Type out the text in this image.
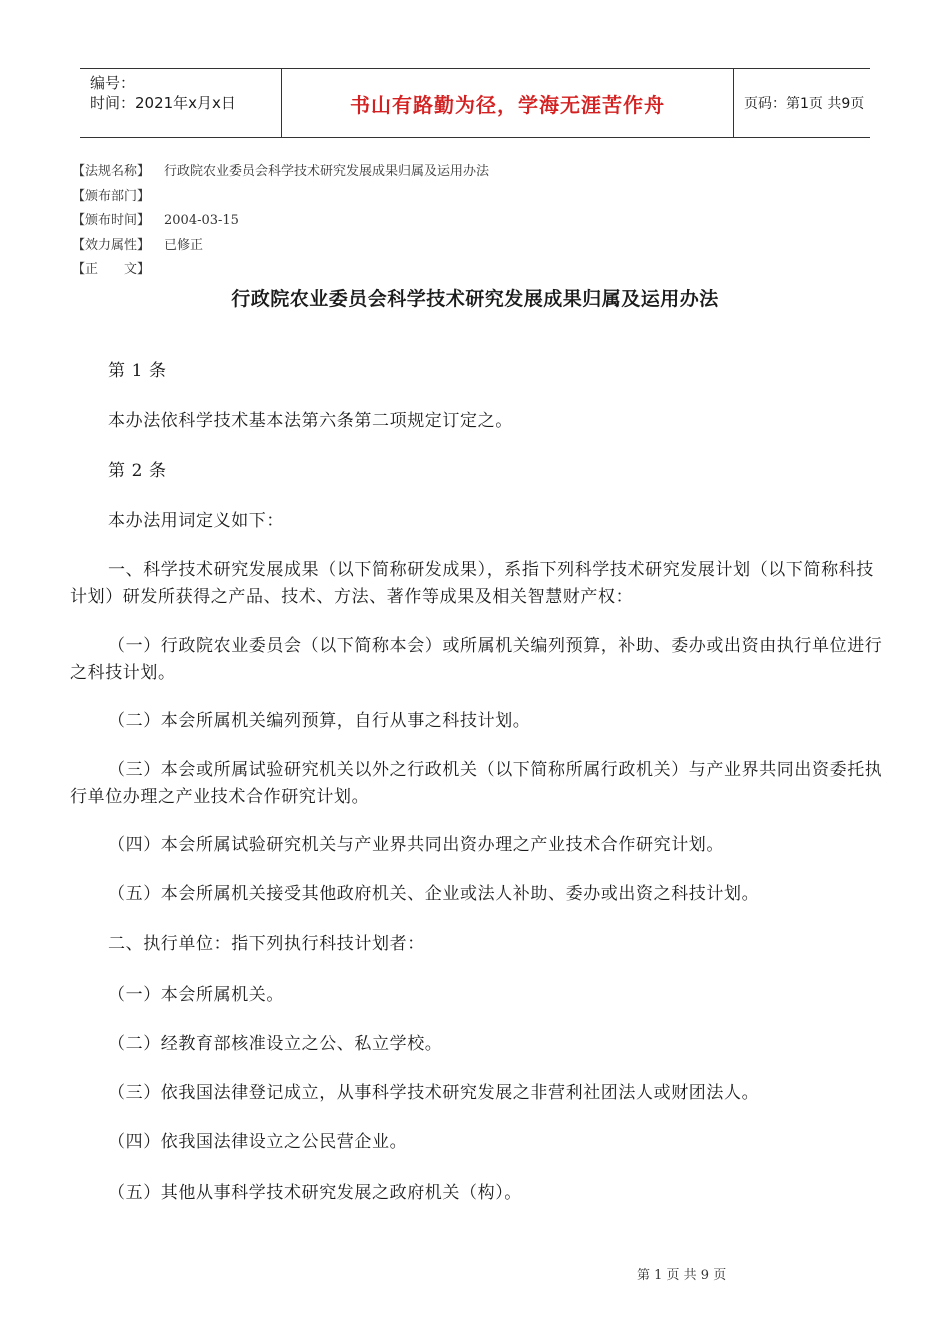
编号：
时间：2021年x月x日	书山有路勤为径，学海无涯苦作舟	页码：第1页 共9页
【法规名称】 行政院农业委员会科学技术研究发展成果归属及运用办法
【颁布部门】
【颁布时间】 2004-03-15
【效力属性】 已修正
【正　　文】
行政院农业委员会科学技术研究发展成果归属及运用办法

第 1 条

本办法依科学技术基本法第六条第二项规定订定之。

第 2 条

本办法用词定义如下：

一、科学技术研究发展成果（以下简称研发成果），系指下列科学技术研究发展计划（以下简称科技计划）研发所获得之产品、技术、方法、著作等成果及相关智慧财产权：

（一）行政院农业委员会（以下简称本会）或所属机关编列预算，补助、委办或出资由执行单位进行之科技计划。

（二）本会所属机关编列预算，自行从事之科技计划。

（三）本会或所属试验研究机关以外之行政机关（以下简称所属行政机关）与产业界共同出资委托执行单位办理之产业技术合作研究计划。

（四）本会所属试验研究机关与产业界共同出资办理之产业技术合作研究计划。

（五）本会所属机关接受其他政府机关、企业或法人补助、委办或出资之科技计划。

二、执行单位：指下列执行科技计划者：

（一）本会所属机关。

（二）经教育部核准设立之公、私立学校。

（三）依我国法律登记成立，从事科学技术研究发展之非营利社团法人或财团法人。

（四）依我国法律设立之公民营企业。

（五）其他从事科学技术研究发展之政府机关（构）。

第 1 页 共 9 页
